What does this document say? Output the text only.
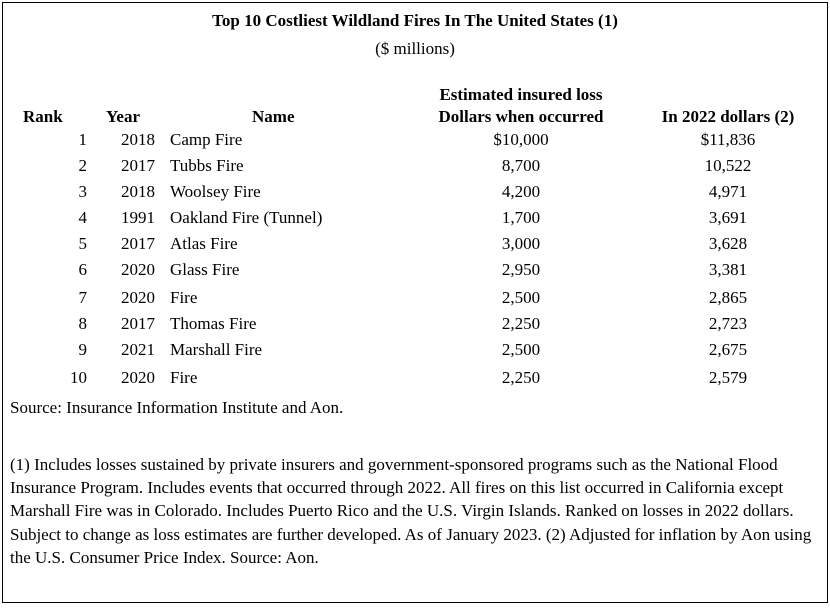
Top 10 Costliest Wildland Fires In The United States (1)
($ millions)
Rank	Year	Name
Estimated insured loss
Dollars when occurred	In 2022 dollars (2)
1 2018 Camp Fire	$10,000	$11,836
2 2017 Tubbs Fire	8,700	10,522
3 2018 Woolsey Fire	4,200	4,971
4 1991 Oakland Fire (Tunnel)	1,700	3,691
5 2017 Atlas Fire	3,000	3,628
6 2020 Glass Fire	2,950	3,381
7 2020 Fire	2,500	2,865
8 2017 Thomas Fire	2,250	2,723
9 2021 Marshall Fire	2,500	2,675
10 2020 Fire	2,250	2,579
Source: Insurance Information Institute and Aon.
(1) Includes losses sustained by private insurers and government-sponsored programs such as the National Flood Insurance Program. Includes events that occurred through 2022. All fires on this list occurred in California except Marshall Fire was in Colorado. Includes Puerto Rico and the U.S. Virgin Islands. Ranked on losses in 2022 dollars. Subject to change as loss estimates are further developed. As of January 2023. (2) Adjusted for inflation by Aon using the U.S. Consumer Price Index. Source: Aon.
